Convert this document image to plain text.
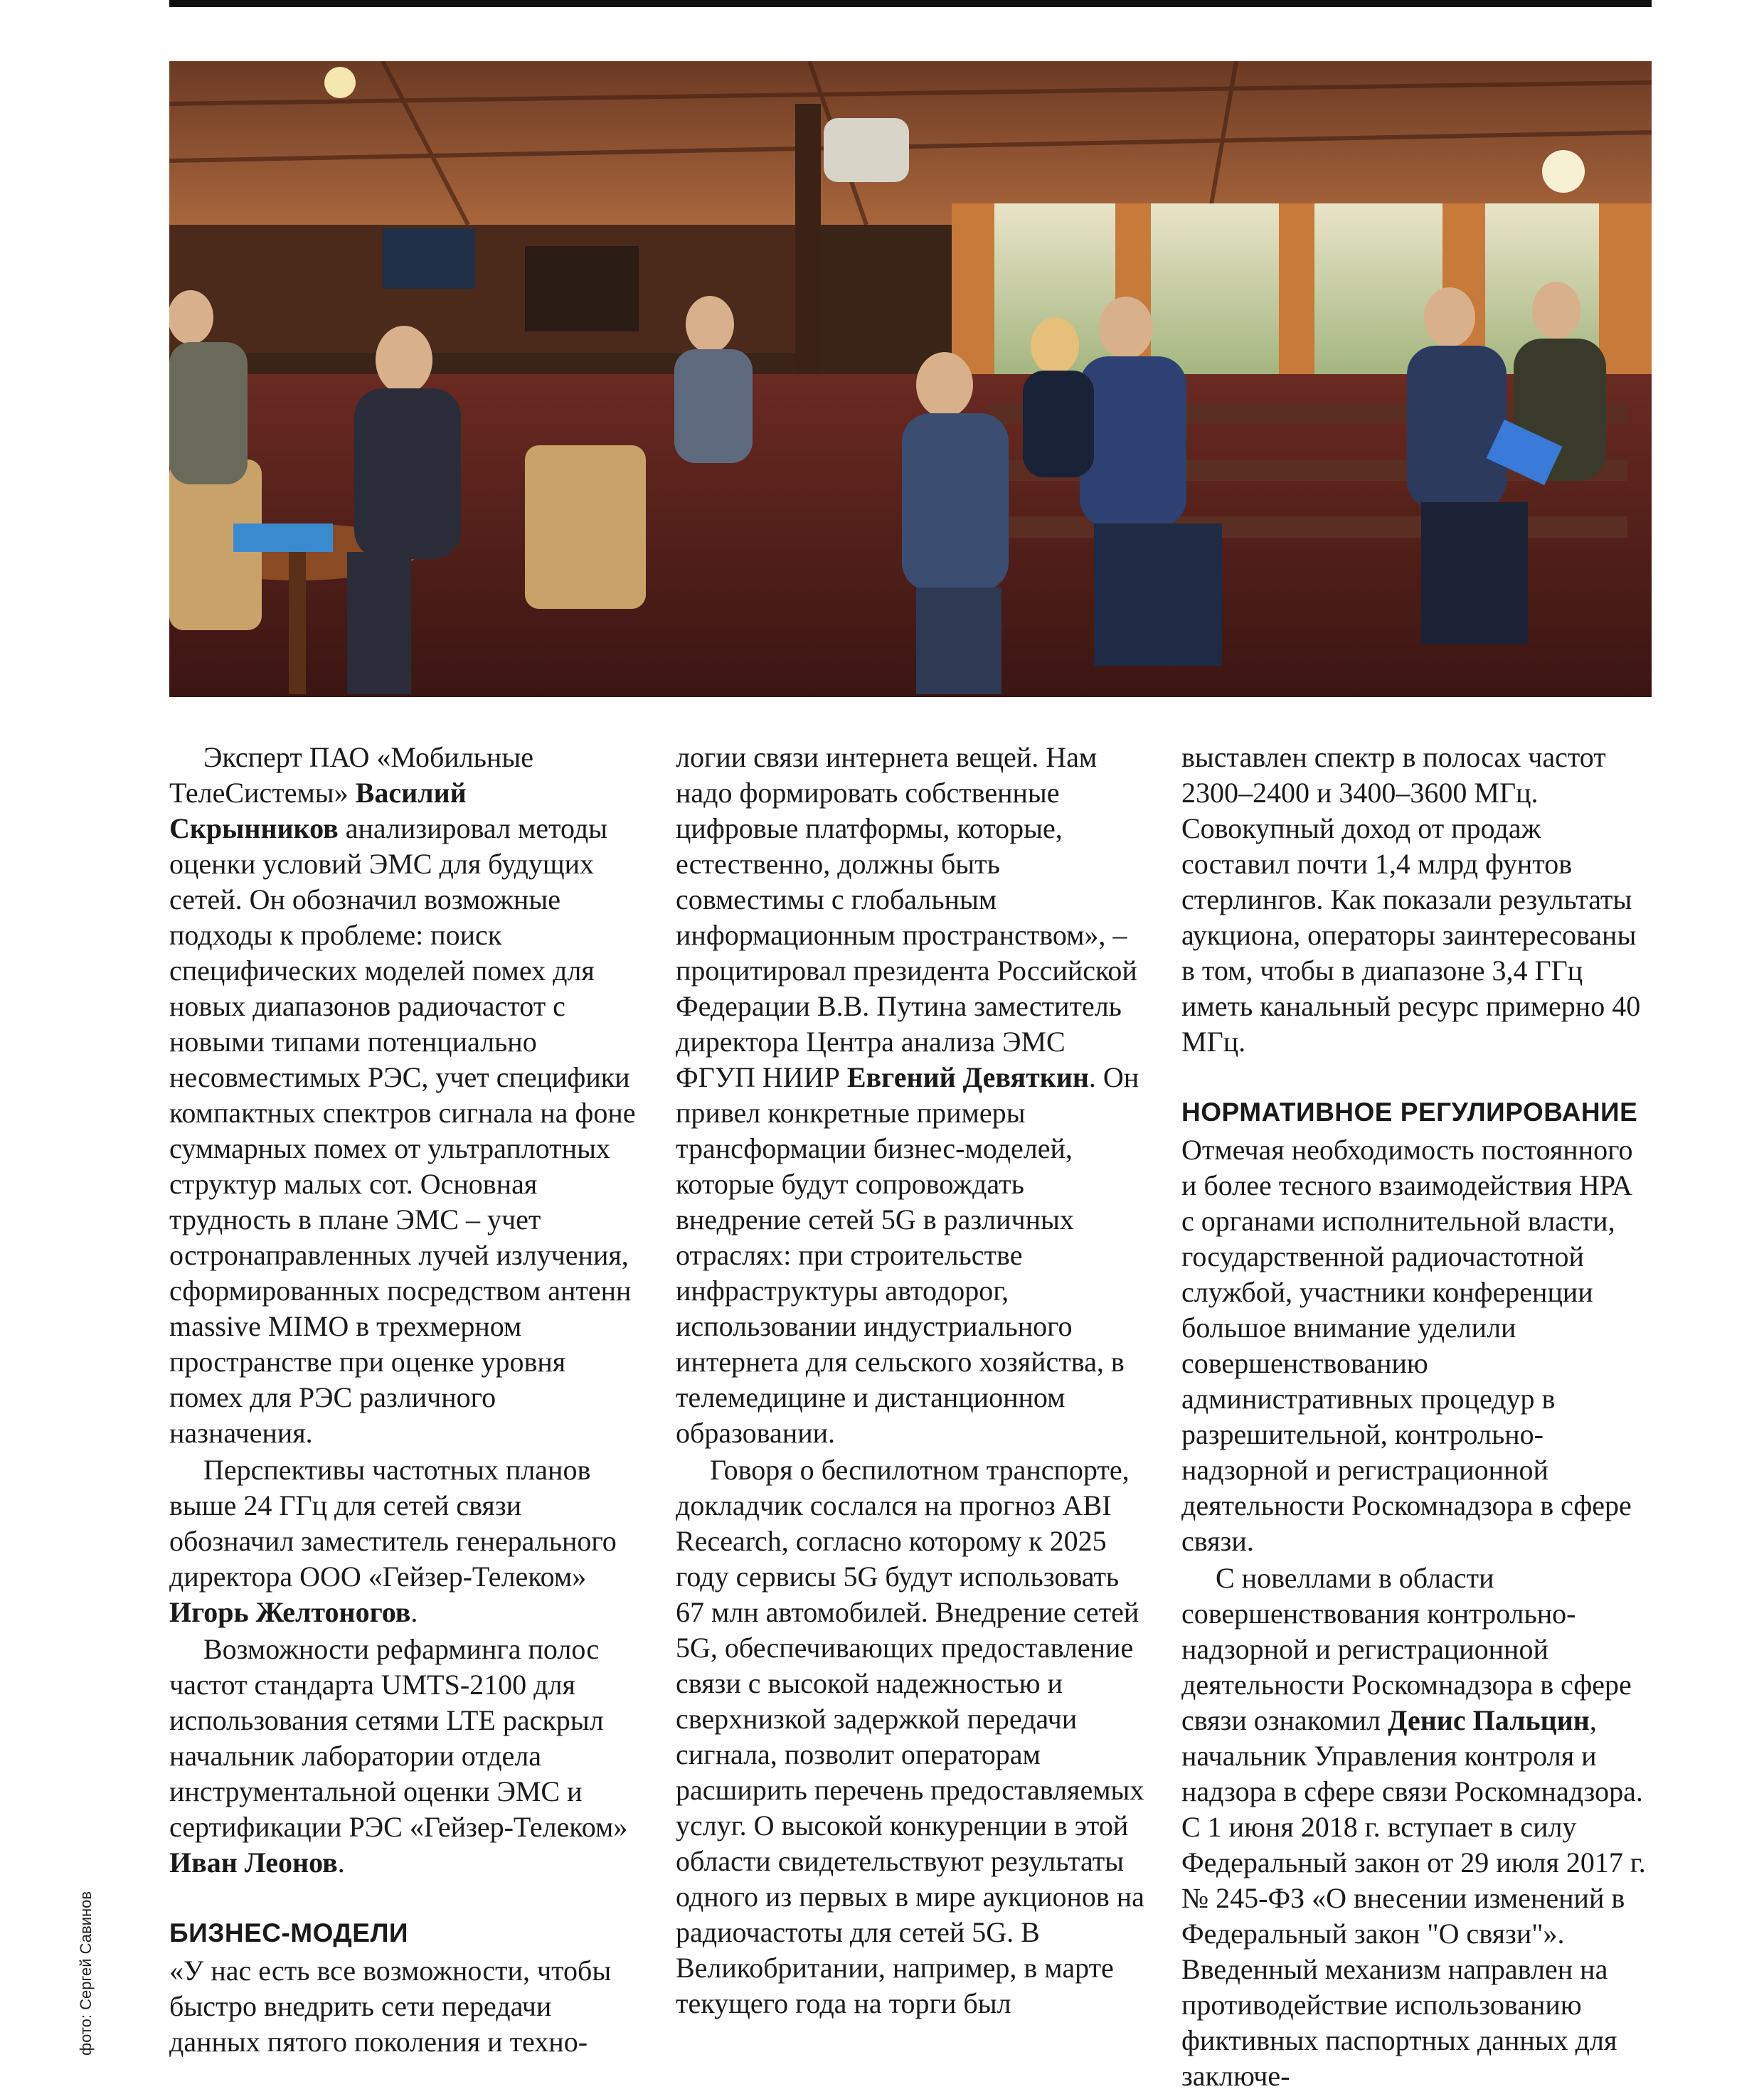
фото: Сергей Савинов

Эксперт ПАО «Мобильные ТелеСистемы» Василий Скрынников анализировал методы оценки условий ЭМС для будущих сетей. Он обозначил возможные подходы к проблеме: поиск специфических моделей помех для новых диапазонов радиочастот с новыми типами потенциально несовместимых РЭС, учет специфики компактных спектров сигнала на фоне суммарных помех от ультраплотных структур малых сот. Основная трудность в плане ЭМС – учет остронаправленных лучей излучения, сформированных посредством антенн massive MIMO в трехмерном пространстве при оценке уровня помех для РЭС различного назначения.

Перспективы частотных планов выше 24 ГГц для сетей связи обозначил заместитель генерального директора ООО «Гейзер-Телеком» Игорь Желтоногов.

Возможности рефарминга полос частот стандарта UMTS-2100 для использования сетями LTE раскрыл начальник лаборатории отдела инструментальной оценки ЭМС и сертификации РЭС «Гейзер-Телеком» Иван Леонов.

БИЗНЕС-МОДЕЛИ

«У нас есть все возможности, чтобы быстро внедрить сети передачи данных пятого поколения и техно-

логии связи интернета вещей. Нам надо формировать собственные цифровые платформы, которые, естественно, должны быть совместимы с глобальным информационным пространством», – процитировал президента Российской Федерации В.В. Путина заместитель директора Центра анализа ЭМС ФГУП НИИР Евгений Девяткин. Он привел конкретные примеры трансформации бизнес-моделей, которые будут сопровождать внедрение сетей 5G в различных отраслях: при строительстве инфраструктуры автодорог, использовании индустриального интернета для сельского хозяйства, в телемедицине и дистанционном образовании.

Говоря о беспилотном транспорте, докладчик сослался на прогноз ABI Recearch, согласно которому к 2025 году сервисы 5G будут использовать 67 млн автомобилей. Внедрение сетей 5G, обеспечивающих предоставление связи с высокой надежностью и сверхнизкой задержкой передачи сигнала, позволит операторам расширить перечень предоставляемых услуг. О высокой конкуренции в этой области свидетельствуют результаты одного из первых в мире аукционов на радиочастоты для сетей 5G. В Великобритании, например, в марте текущего года на торги был

выставлен спектр в полосах частот 2300–2400 и 3400–3600 МГц. Совокупный доход от продаж составил почти 1,4 млрд фунтов стерлингов. Как показали результаты аукциона, операторы заинтересованы в том, чтобы в диапазоне 3,4 ГГц иметь канальный ресурс примерно 40 МГц.

НОРМАТИВНОЕ РЕГУЛИРОВАНИЕ

Отмечая необходимость постоянного и более тесного взаимодействия НРА с органами исполнительной власти, государственной радиочастотной службой, участники конференции большое внимание уделили совершенствованию административных процедур в разрешительной, контрольно-надзорной и регистрационной деятельности Роскомнадзора в сфере связи.

С новеллами в области совершенствования контрольно-надзорной и регистрационной деятельности Роскомнадзора в сфере связи ознакомил Денис Пальцин, начальник Управления контроля и надзора в сфере связи Роскомнадзора. С 1 июня 2018 г. вступает в силу Федеральный закон от 29 июля 2017 г. № 245-ФЗ «О внесении изменений в Федеральный закон "О связи"». Введенный механизм направлен на противодействие использованию фиктивных паспортных данных для заключе-
